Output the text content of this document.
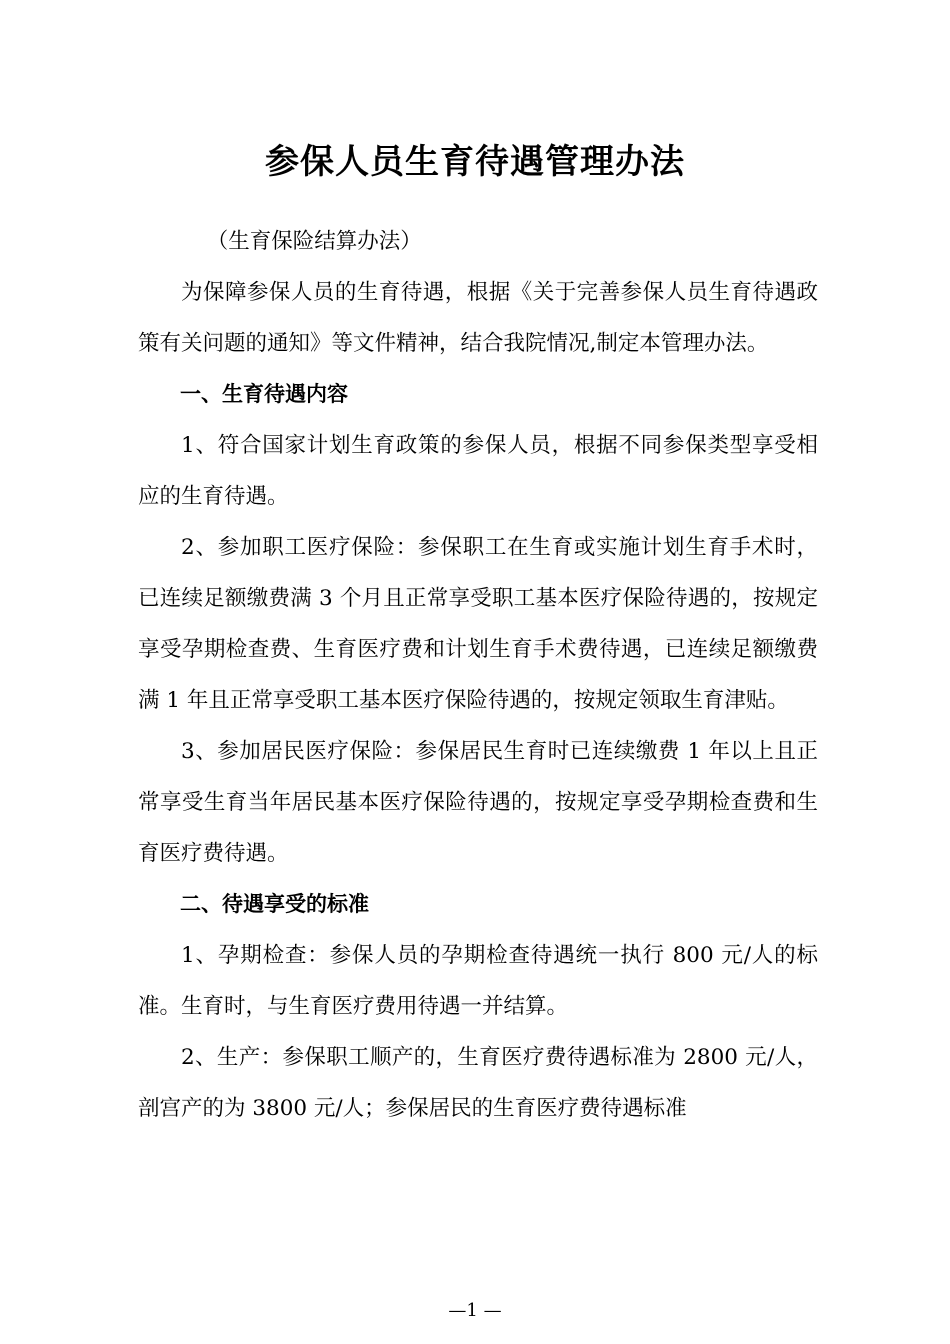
参保人员生育待遇管理办法

（生育保险结算办法）

为保障参保人员的生育待遇，根据《关于完善参保人员生育待遇政策有关问题的通知》等文件精神，结合我院情况,制定本管理办法。

一、生育待遇内容

1、符合国家计划生育政策的参保人员，根据不同参保类型享受相应的生育待遇。

2、参加职工医疗保险：参保职工在生育或实施计划生育手术时，已连续足额缴费满 3 个月且正常享受职工基本医疗保险待遇的，按规定享受孕期检查费、生育医疗费和计划生育手术费待遇，已连续足额缴费满 1 年且正常享受职工基本医疗保险待遇的，按规定领取生育津贴。

3、参加居民医疗保险：参保居民生育时已连续缴费 1 年以上且正常享受生育当年居民基本医疗保险待遇的，按规定享受孕期检查费和生育医疗费待遇。

二、待遇享受的标准

1、孕期检查：参保人员的孕期检查待遇统一执行 800 元/人的标准。生育时，与生育医疗费用待遇一并结算。

2、生产：参保职工顺产的，生育医疗费待遇标准为 2800 元/人，剖宫产的为 3800 元/人；参保居民的生育医疗费待遇标准

—1 —
